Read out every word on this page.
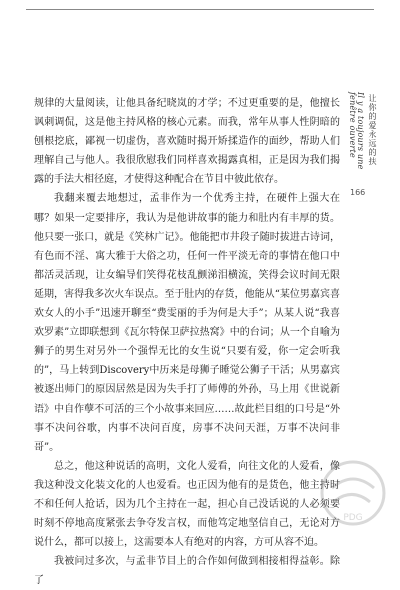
Il y a toujours une fenêtre ouverte	让你的爱永远的扶
166

规律的大量阅读，让他具备纪晓岚的才学；不过更重要的是，他擅长讽刺调侃，这是他主持风格的核心元素。而我，常年从事人性阴暗的刨根挖底，鄙视一切虚伪，喜欢随时揭开矫揉造作的面纱，帮助人们理解自己与他人。我很欣慰我们同样喜欢揭露真相，正是因为我们揭露的手法大相径庭，才使得这种配合在节目中彼此依存。

我翻来覆去地想过，孟非作为一个优秀主持，在硬件上强大在哪？如果一定要排序，我认为是他讲故事的能力和肚内有丰厚的货。他只要一张口，就是《笑林广记》。他能把市井段子随时拔进古诗词，有色而不淫、寓大雅于大俗之功，任何一件平淡无奇的事情在他口中都活灵活现，让女编导们笑得花枝乱颤涕泪横流，笑得会议时间无限延期，害得我多次火车误点。至于肚内的存货，他能从“某位男嘉宾喜欢女人的小手”迅速开聊至“费雯丽的手为何是大手”；从某人说“我喜欢罗素”立即联想到《瓦尔特保卫萨拉热窝》中的台词；从一个自喻为狮子的男生对另外一个强悍无比的女生说“只要有爱，你一定会听我的”，马上转到Discovery中历来是母狮子睡觉公狮子干活；从男嘉宾被逐出师门的原因居然是因为失手打了师傅的外孙，马上用《世说新语》中自作孽不可活的三个小故事来回应……故此栏目组的口号是“外事不决问谷歌，内事不决问百度，房事不决问天涯，万事不决问非哥”。

总之，他这种说话的高明，文化人爱看，向往文化的人爱看，像我这种没文化装文化的人也爱看。也正因为他有的是货色，他主持时不和任何人抢话，因为几个主持在一起，担心自己没话说的人必须要时刻不停地高度紧张去争夺发言权，而他笃定地坚信自己，无论对方说什么，都可以接上，这需要本人有绝对的内容，方可从容不迫。

我被问过多次，与孟非节目上的合作如何做到相接相得益彰。除了

PDG
